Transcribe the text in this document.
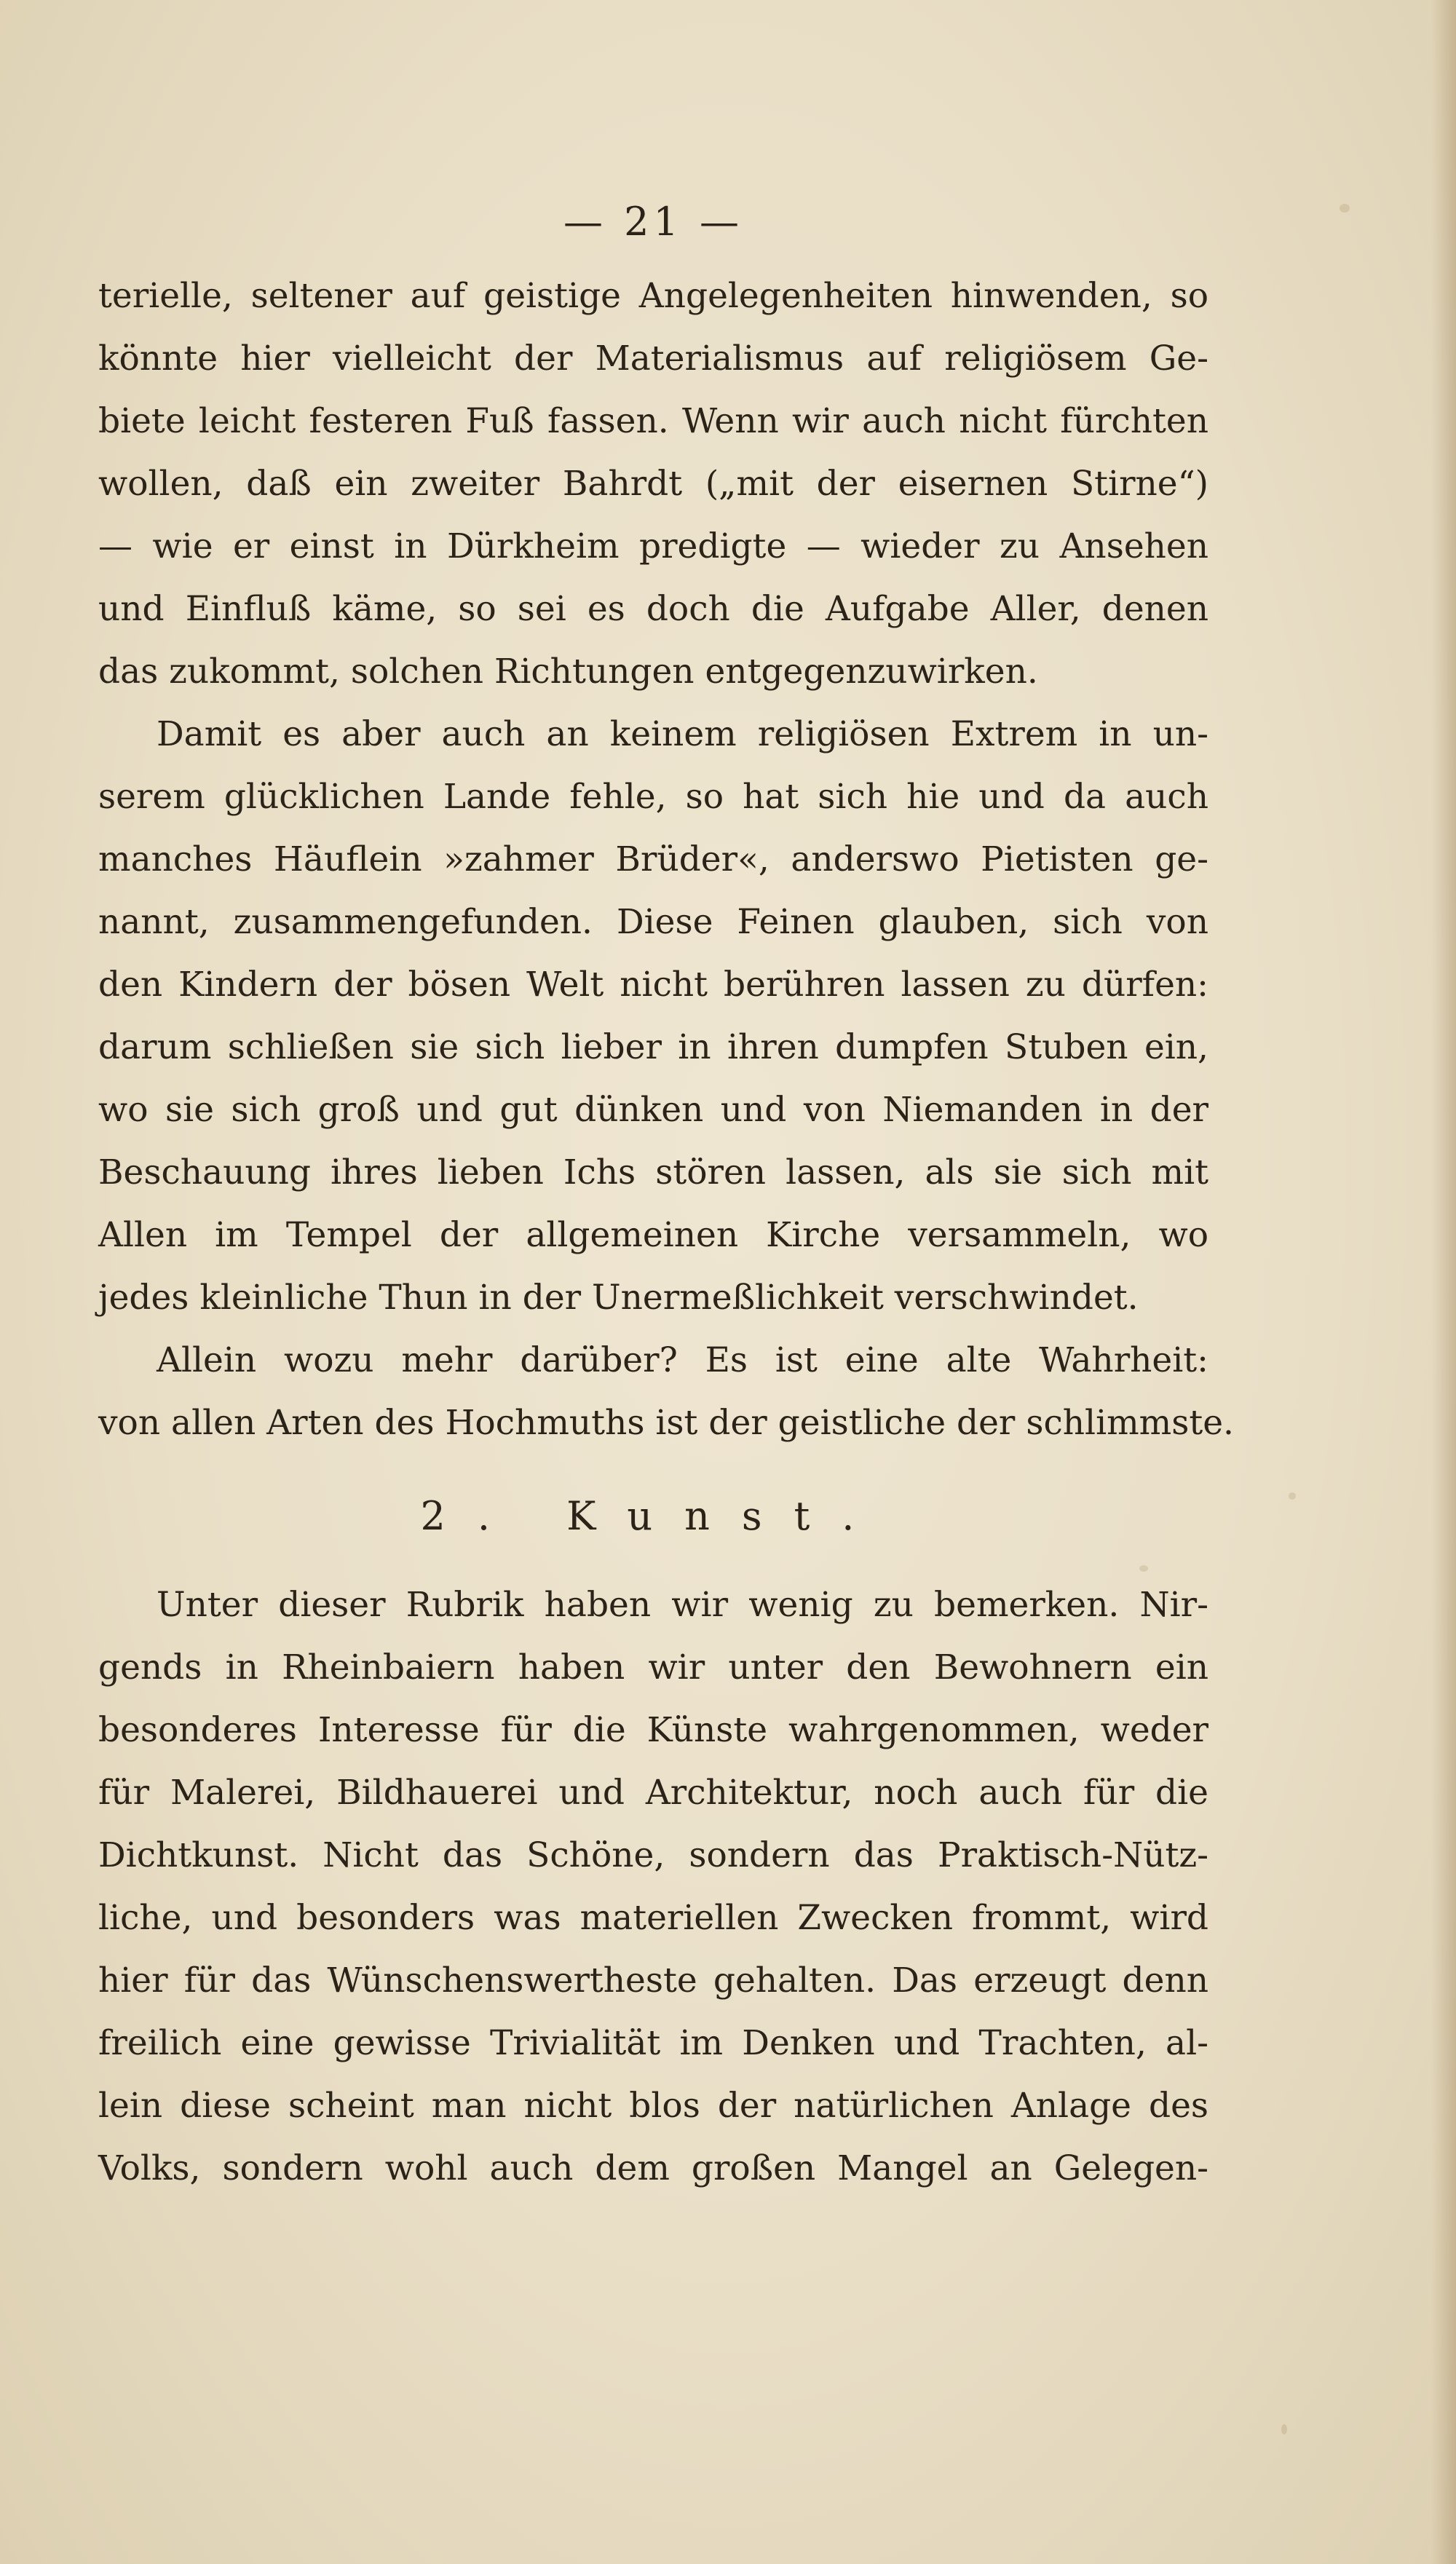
— 21 —
terielle, seltener auf geistige Angelegenheiten hinwenden, so
könnte hier vielleicht der Materialismus auf religiösem Ge-
biete leicht festeren Fuß fassen. Wenn wir auch nicht fürchten
wollen, daß ein zweiter Bahrdt („mit der eisernen Stirne“)
— wie er einst in Dürkheim predigte — wieder zu Ansehen
und Einfluß käme, so sei es doch die Aufgabe Aller, denen
das zukommt, solchen Richtungen entgegenzuwirken.
Damit es aber auch an keinem religiösen Extrem in un-
serem glücklichen Lande fehle, so hat sich hie und da auch
manches Häuflein »zahmer Brüder«, anderswo Pietisten ge-
nannt, zusammengefunden. Diese Feinen glauben, sich von
den Kindern der bösen Welt nicht berühren lassen zu dürfen:
darum schließen sie sich lieber in ihren dumpfen Stuben ein,
wo sie sich groß und gut dünken und von Niemanden in der
Beschauung ihres lieben Ichs stören lassen, als sie sich mit
Allen im Tempel der allgemeinen Kirche versammeln, wo
jedes kleinliche Thun in der Unermeßlichkeit verschwindet.
Allein wozu mehr darüber? Es ist eine alte Wahrheit:
von allen Arten des Hochmuths ist der geistliche der schlimmste.
2. Kunst.
Unter dieser Rubrik haben wir wenig zu bemerken. Nir-
gends in Rheinbaiern haben wir unter den Bewohnern ein
besonderes Interesse für die Künste wahrgenommen, weder
für Malerei, Bildhauerei und Architektur, noch auch für die
Dichtkunst. Nicht das Schöne, sondern das Praktisch-Nütz-
liche, und besonders was materiellen Zwecken frommt, wird
hier für das Wünschenswertheste gehalten. Das erzeugt denn
freilich eine gewisse Trivialität im Denken und Trachten, al-
lein diese scheint man nicht blos der natürlichen Anlage des
Volks, sondern wohl auch dem großen Mangel an Gelegen-
